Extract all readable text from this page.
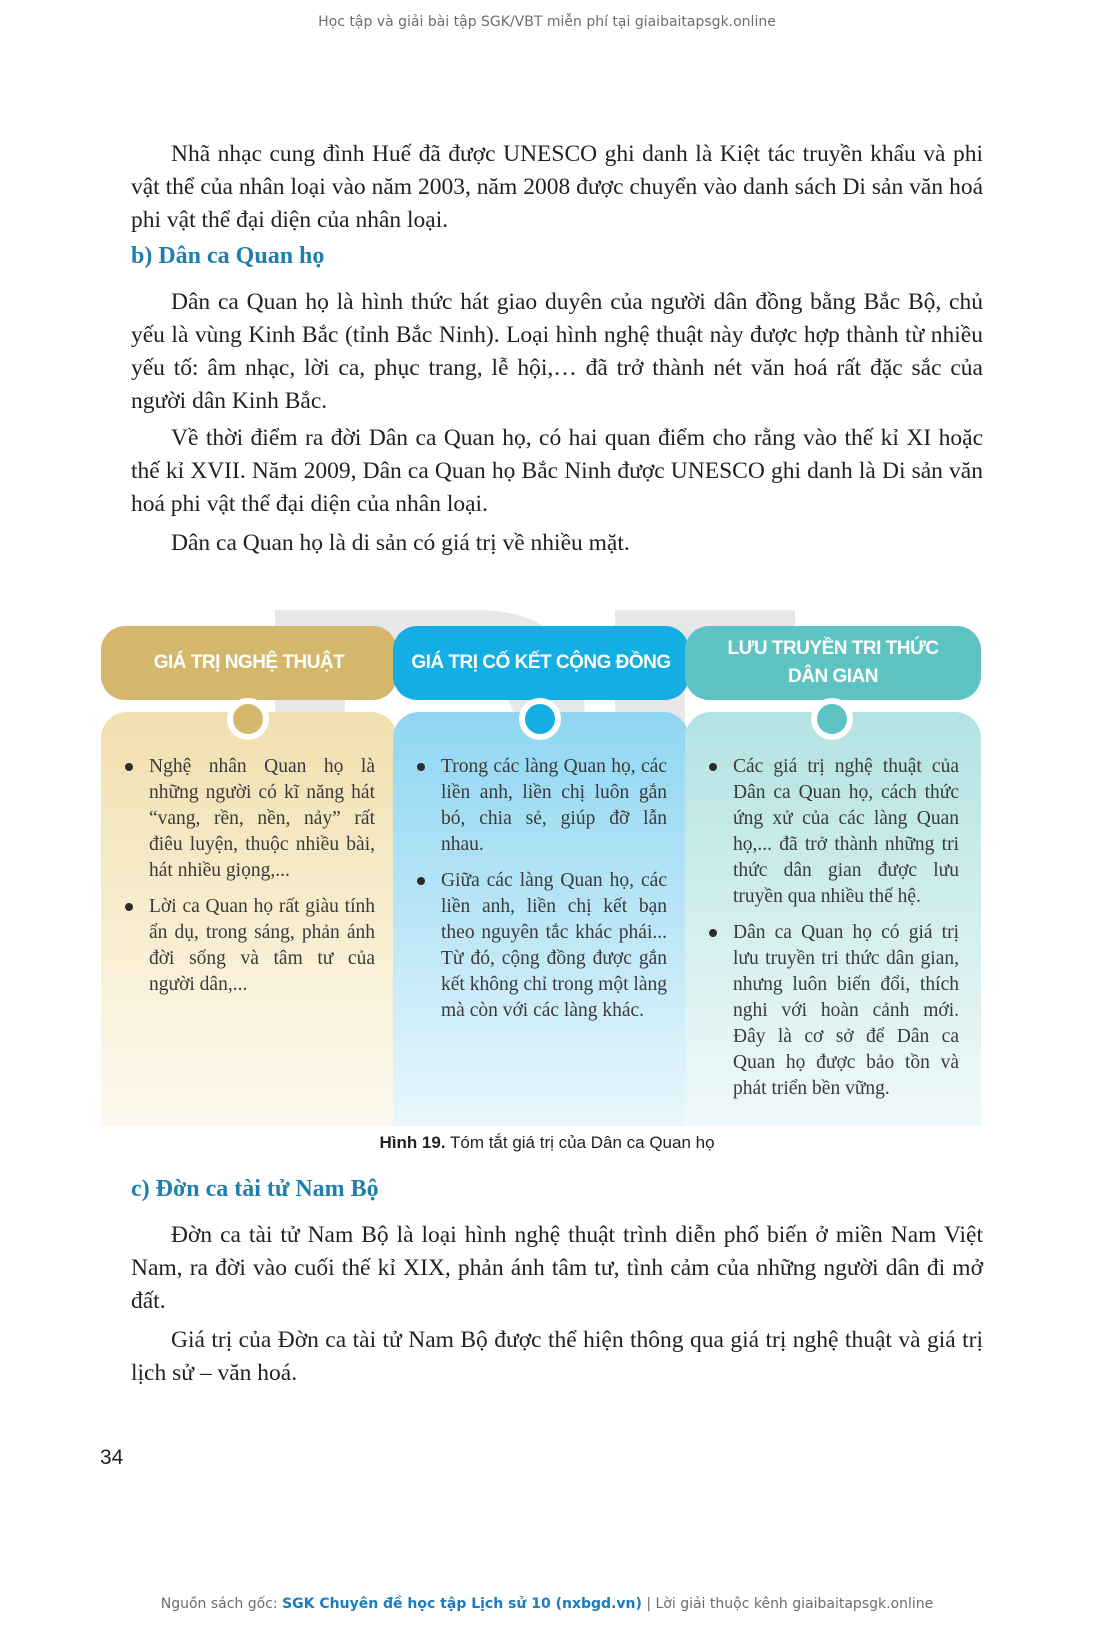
Học tập và giải bài tập SGK/VBT miễn phí tại giaibaitapsgk.online

Nhã nhạc cung đình Huế đã được UNESCO ghi danh là Kiệt tác truyền khẩu và phi vật thể của nhân loại vào năm 2003, năm 2008 được chuyển vào danh sách Di sản văn hoá phi vật thể đại diện của nhân loại.

b) Dân ca Quan họ

Dân ca Quan họ là hình thức hát giao duyên của người dân đồng bằng Bắc Bộ, chủ yếu là vùng Kinh Bắc (tỉnh Bắc Ninh). Loại hình nghệ thuật này được hợp thành từ nhiều yếu tố: âm nhạc, lời ca, phục trang, lễ hội,… đã trở thành nét văn hoá rất đặc sắc của người dân Kinh Bắc.

Về thời điểm ra đời Dân ca Quan họ, có hai quan điểm cho rằng vào thế kỉ XI hoặc thế kỉ XVII. Năm 2009, Dân ca Quan họ Bắc Ninh được UNESCO ghi danh là Di sản văn hoá phi vật thể đại diện của nhân loại.

Dân ca Quan họ là di sản có giá trị về nhiều mặt.

GIÁ TRỊ NGHỆ THUẬT
Nghệ nhân Quan họ là những người có kĩ năng hát “vang, rền, nền, nảy” rất điêu luyện, thuộc nhiều bài, hát nhiều giọng,...
Lời ca Quan họ rất giàu tính ẩn dụ, trong sáng, phản ánh đời sống và tâm tư của người dân,...
GIÁ TRỊ CỐ KẾT CỘNG ĐỒNG
Trong các làng Quan họ, các liền anh, liền chị luôn gắn bó, chia sẻ, giúp đỡ lẫn nhau.
Giữa các làng Quan họ, các liền anh, liền chị kết bạn theo nguyên tắc khác phái... Từ đó, cộng đồng được gắn kết không chỉ trong một làng mà còn với các làng khác.
LƯU TRUYỀN TRI THỨC
DÂN GIAN
Các giá trị nghệ thuật của Dân ca Quan họ, cách thức ứng xử của các làng Quan họ,... đã trở thành những tri thức dân gian được lưu truyền qua nhiều thế hệ.
Dân ca Quan họ có giá trị lưu truyền tri thức dân gian, nhưng luôn biến đổi, thích nghi với hoàn cảnh mới. Đây là cơ sở để Dân ca Quan họ được bảo tồn và phát triển bền vững.
Hình 19. Tóm tắt giá trị của Dân ca Quan họ
c) Đờn ca tài tử Nam Bộ

Đờn ca tài tử Nam Bộ là loại hình nghệ thuật trình diễn phổ biến ở miền Nam Việt Nam, ra đời vào cuối thế kỉ XIX, phản ánh tâm tư, tình cảm của những người dân đi mở đất.

Giá trị của Đờn ca tài tử Nam Bộ được thể hiện thông qua giá trị nghệ thuật và giá trị lịch sử – văn hoá.

34
Nguồn sách gốc: SGK Chuyên đề học tập Lịch sử 10 (nxbgd.vn) | Lời giải thuộc kênh giaibaitapsgk.online
